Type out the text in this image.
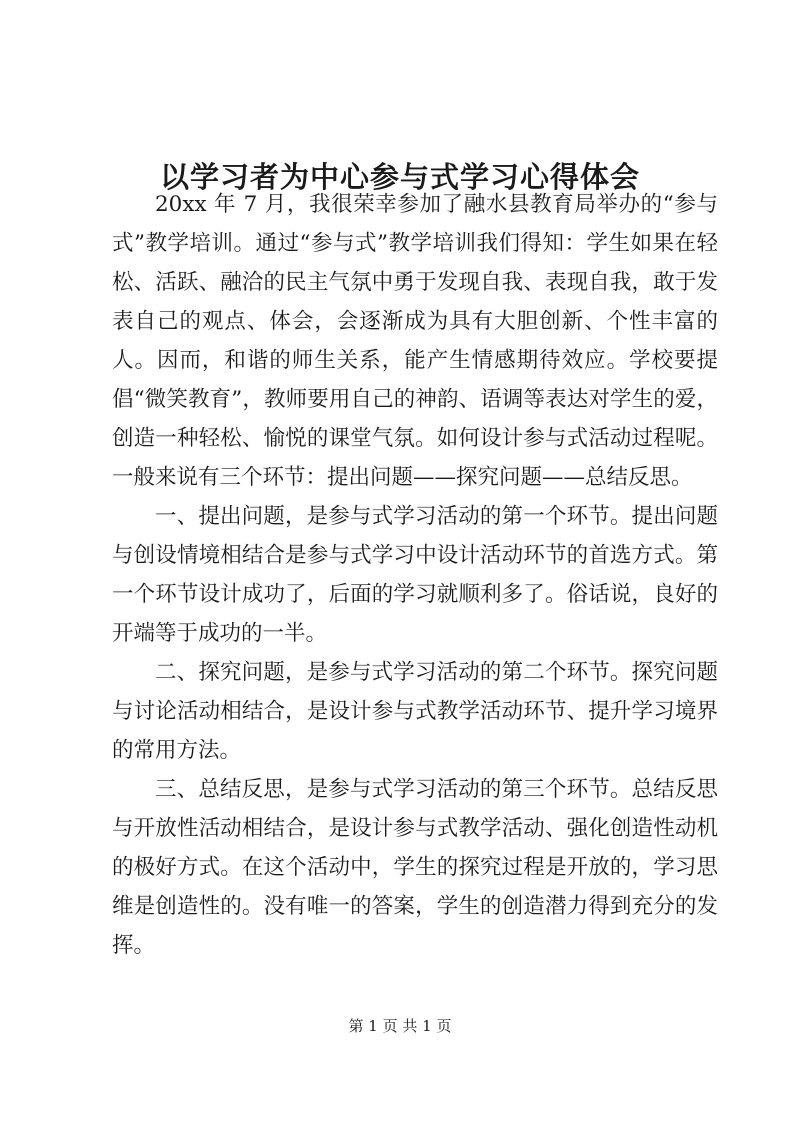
以学习者为中心参与式学习心得体会

20xx 年 7 月，我很荣幸参加了融水县教育局举办的“参与式”教学培训。通过“参与式”教学培训我们得知：学生如果在轻松、活跃、融洽的民主气氛中勇于发现自我、表现自我，敢于发表自己的观点、体会，会逐渐成为具有大胆创新、个性丰富的人。因而，和谐的师生关系，能产生情感期待效应。学校要提倡“微笑教育”，教师要用自己的神韵、语调等表达对学生的爱，创造一种轻松、愉悦的课堂气氛。如何设计参与式活动过程呢。一般来说有三个环节：提出问题——探究问题——总结反思。

一、提出问题，是参与式学习活动的第一个环节。提出问题与创设情境相结合是参与式学习中设计活动环节的首选方式。第一个环节设计成功了，后面的学习就顺利多了。俗话说，良好的开端等于成功的一半。

二、探究问题，是参与式学习活动的第二个环节。探究问题与讨论活动相结合，是设计参与式教学活动环节、提升学习境界的常用方法。

三、总结反思，是参与式学习活动的第三个环节。总结反思与开放性活动相结合，是设计参与式教学活动、强化创造性动机的极好方式。在这个活动中，学生的探究过程是开放的，学习思维是创造性的。没有唯一的答案，学生的创造潜力得到充分的发挥。

第 1 页 共 1 页
